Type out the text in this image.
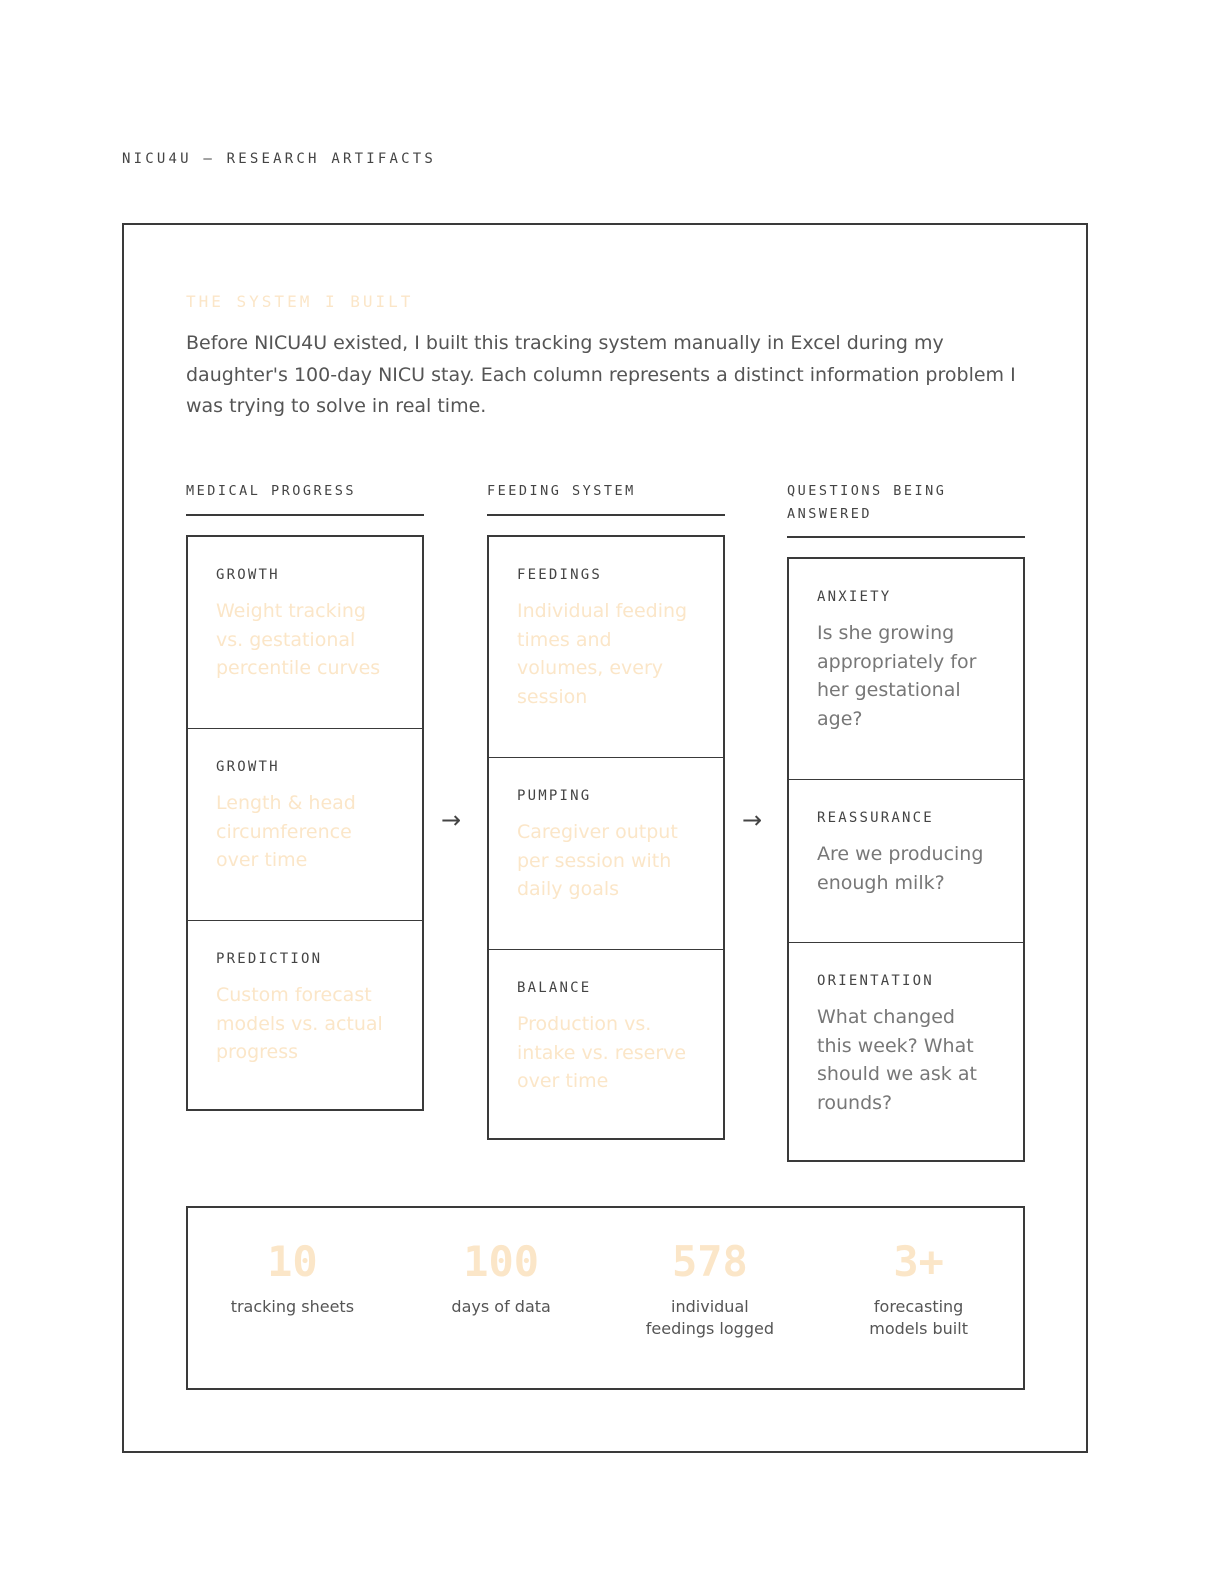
NICU4U — RESEARCH ARTIFACTS
THE SYSTEM I BUILT
Before NICU4U existed, I built this tracking system manually in Excel during my daughter's 100-day NICU stay. Each column represents a distinct information problem I was trying to solve in real time.
MEDICAL PROGRESS
GROWTH
Weight tracking vs. gestational percentile curves
GROWTH
Length & head circumference over time
PREDICTION
Custom forecast models vs. actual progress
→
FEEDING SYSTEM
FEEDINGS
Individual feeding times and volumes, every session
PUMPING
Caregiver output per session with daily goals
BALANCE
Production vs. intake vs. reserve over time
→
QUESTIONS BEING ANSWERED
ANXIETY
Is she growing appropriately for her gestational age?
REASSURANCE
Are we producing enough milk?
ORIENTATION
What changed this week? What should we ask at rounds?
10
tracking sheets
100
days of data
578
individual feedings logged
3+
forecasting models built
